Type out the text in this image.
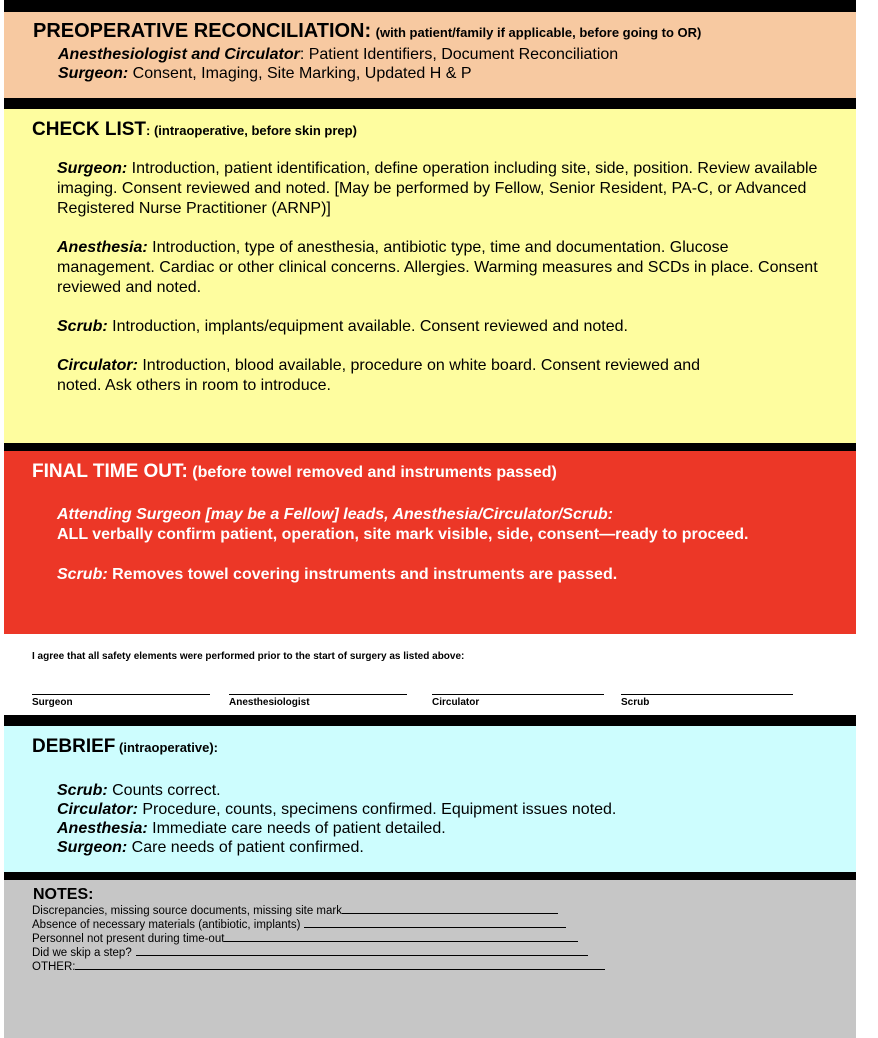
PREOPERATIVE RECONCILIATION: (with patient/family if applicable, before going to OR)
Anesthesiologist and Circulator: Patient Identifiers, Document Reconciliation
Surgeon: Consent, Imaging, Site Marking, Updated H & P
CHECK LIST: (intraoperative, before skin prep)
Surgeon: Introduction, patient identification, define operation including site, side, position. Review available imaging. Consent reviewed and noted. [May be performed by Fellow, Senior Resident, PA-C, or Advanced Registered Nurse Practitioner (ARNP)]
Anesthesia: Introduction, type of anesthesia, antibiotic type, time and documentation. Glucose management. Cardiac or other clinical concerns. Allergies. Warming measures and SCDs in place. Consent reviewed and noted.
Scrub: Introduction, implants/equipment available. Consent reviewed and noted.
Circulator: Introduction, blood available, procedure on white board. Consent reviewed and noted. Ask others in room to introduce.
FINAL TIME OUT: (before towel removed and instruments passed)
Attending Surgeon [may be a Fellow] leads, Anesthesia/Circulator/Scrub:
ALL verbally confirm patient, operation, site mark visible, side, consent—ready to proceed.
Scrub: Removes towel covering instruments and instruments are passed.
I agree that all safety elements were performed prior to the start of surgery as listed above:
Surgeon	Anesthesiologist	Circulator	Scrub
DEBRIEF (intraoperative):
Scrub: Counts correct.
Circulator: Procedure, counts, specimens confirmed. Equipment issues noted.
Anesthesia: Immediate care needs of patient detailed.
Surgeon: Care needs of patient confirmed.
NOTES:
Discrepancies, missing source documents, missing site mark
Absence of necessary materials (antibiotic, implants)
Personnel not present during time-out
Did we skip a step?
OTHER:
